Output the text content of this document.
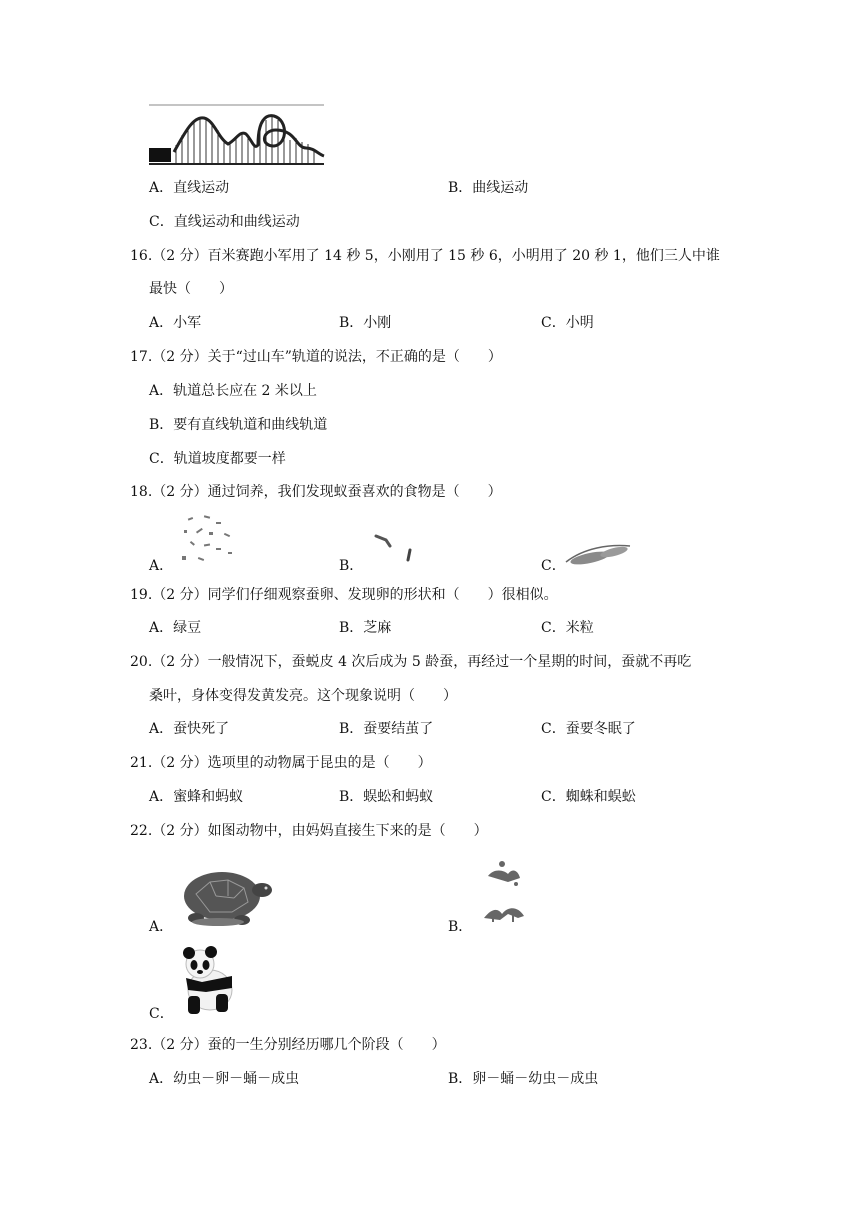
A．直线运动	B．曲线运动
C．直线运动和曲线运动
16.（2 分）百米赛跑小军用了 14 秒 5，小刚用了 15 秒 6，小明用了 20 秒 1，他们三人中谁
最快（　　）
A．小军	B．小刚	C．小明
17.（2 分）关于“过山车”轨道的说法，不正确的是（　　）
A．轨道总长应在 2 米以上
B．要有直线轨道和曲线轨道
C．轨道坡度都要一样
18.（2 分）通过饲养，我们发现蚁蚕喜欢的食物是（　　）
A．	B．	C．
19.（2 分）同学们仔细观察蚕卵、发现卵的形状和（　　）很相似。
A．绿豆	B．芝麻	C．米粒
20.（2 分）一般情况下，蚕蜕皮 4 次后成为 5 龄蚕，再经过一个星期的时间，蚕就不再吃
桑叶，身体变得发黄发亮。这个现象说明（　　）
A．蚕快死了	B．蚕要结茧了	C．蚕要冬眠了
21.（2 分）选项里的动物属于昆虫的是（　　）
A．蜜蜂和蚂蚁	B．蜈蚣和蚂蚁	C．蜘蛛和蜈蚣
22.（2 分）如图动物中，由妈妈直接生下来的是（　　）
A．	B．
C．
23.（2 分）蚕的一生分别经历哪几个阶段（　　）
A．幼虫－卵－蛹－成虫	B．卵－蛹－幼虫－成虫
